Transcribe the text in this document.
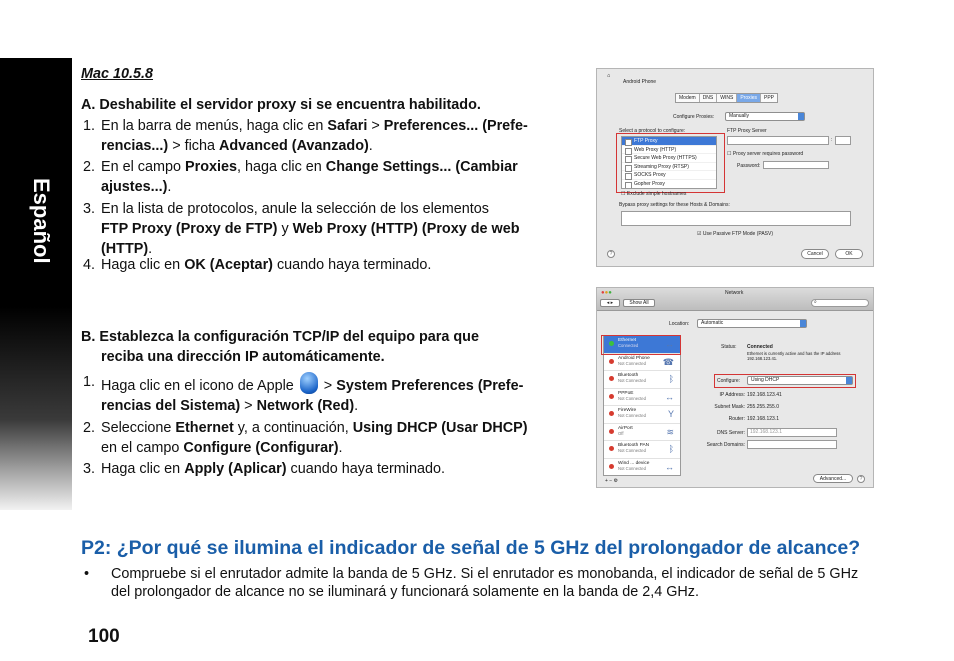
Español
Mac 10.5.8
A. Deshabilite el servidor proxy si se encuentra habilitado.
1. En la barra de menús, haga clic en Safari > Preferences... (Prefe-
rencias...) > ficha Advanced (Avanzado).
2. En el campo Proxies, haga clic en Change Settings... (Cambiar
ajustes...).
3. En la lista de protocolos, anule la selección de los elementos
FTP Proxy (Proxy de FTP) y Web Proxy (HTTP) (Proxy de web
(HTTP).
4. Haga clic en OK (Aceptar) cuando haya terminado.
B. Establezca la configuración TCP/IP del equipo para que
reciba una dirección IP automáticamente.
1. Haga clic en el icono de Apple  > System Preferences (Prefe-
rencias del Sistema) > Network (Red).
2. Seleccione Ethernet y, a continuación, Using DHCP (Usar DHCP)
en el campo Configure (Configurar).
3. Haga clic en Apply (Aplicar) cuando haya terminado.
⌂
Android Phone
Modem	DNS	WINS	Proxies	PPP
Configure Proxies:	Manually
Select a protocol to configure:
FTP Proxy
Web Proxy (HTTP)
Secure Web Proxy (HTTPS)
Streaming Proxy (RTSP)
SOCKS Proxy
Gopher Proxy
FTP Proxy Server
:
☐ Proxy server requires password
Password:
☐ Exclude simple hostnames
Bypass proxy settings for these Hosts & Domains:
☑ Use Passive FTP Mode (PASV)
?	Cancel	OK
●●●	Network
◂ ▸	Show All	⌕
Location:	Automatic
Ethernet
Connected	↔
Android Phone
Not Connected ☎
Bluetooth
Not Connected	ᛒ
PPPoE
Not Connected ↔
FireWire
Not Connected Y
AirPort
Off	≋
Bluetooth PAN
Not Connected	ᛒ
Wind ... device
Not Connected ↔
+ − ⚙
Status: Connected
Ethernet is currently active and has the IP address 192.168.123.41.
Configure:	Using DHCP
IP Address: 192.168.123.41
Subnet Mask: 255.255.255.0
Router: 192.168.123.1
DNS Server:	192.168.123.1
Search Domains:
Advanced...	?
P2: ¿Por qué se ilumina el indicador de señal de 5 GHz del prolongador de alcance?
• Compruebe si el enrutador admite la banda de 5 GHz. Si el enrutador es monobanda, el indicador de señal de 5 GHz del prolongador de alcance no se iluminará y funcionará solamente en la banda de 2,4 GHz.
100
